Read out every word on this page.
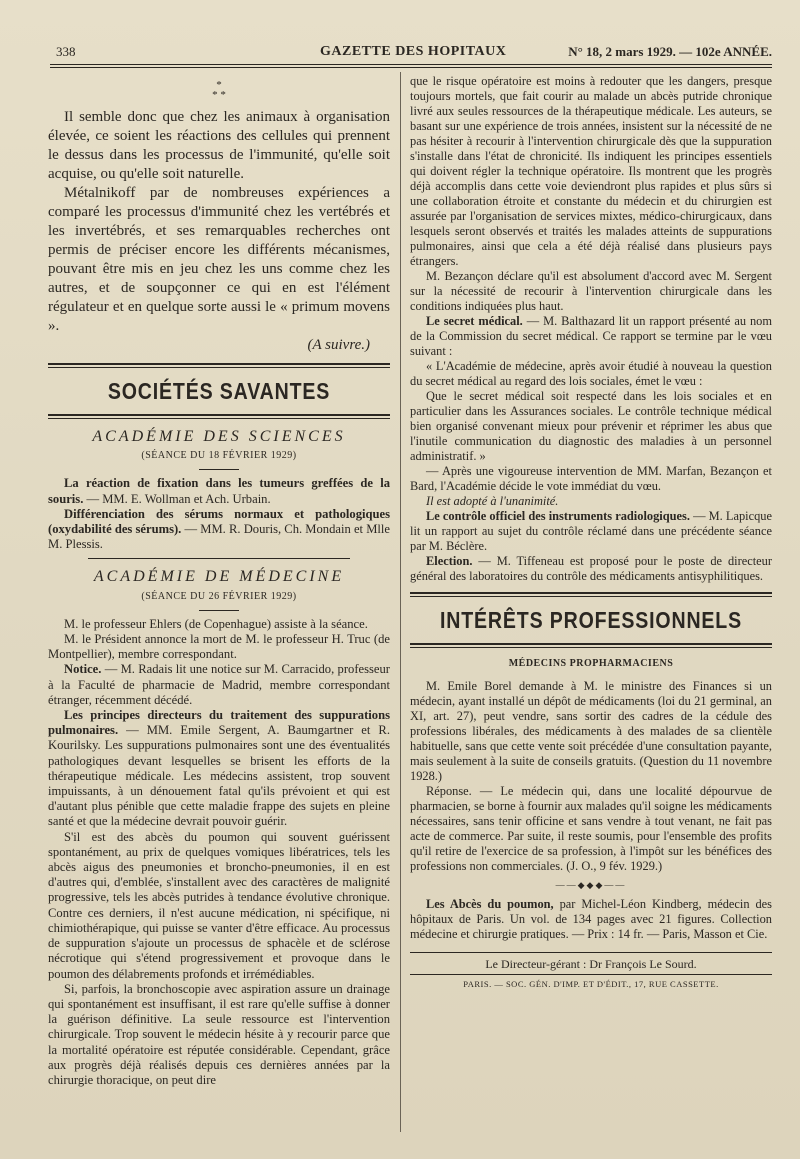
338	GAZETTE DES HOPITAUX	N° 18, 2 mars 1929. — 102e ANNÉE.
*
* *

Il semble donc que chez les animaux à organisation élevée, ce soient les réactions des cellules qui prennent le dessus dans les processus de l'immunité, qu'elle soit acquise, ou qu'elle soit naturelle.

Métalnikoff par de nombreuses expériences a comparé les processus d'immunité chez les vertébrés et les invertébrés, et ses remarquables recherches ont permis de préciser encore les différents mécanismes, pouvant être mis en jeu chez les uns comme chez les autres, et de soupçonner ce qui en est l'élément régulateur et en quelque sorte aussi le « primum movens ».

(A suivre.)

SOCIÉTÉS SAVANTES
ACADÉMIE DES SCIENCES
(SÉANCE DU 18 FÉVRIER 1929)

La réaction de fixation dans les tumeurs greffées de la souris. — MM. E. Wollman et Ach. Urbain.

Différenciation des sérums normaux et pathologiques (oxydabilité des sérums). — MM. R. Douris, Ch. Mondain et Mlle M. Plessis.

ACADÉMIE DE MÉDECINE
(SÉANCE DU 26 FÉVRIER 1929)

M. le professeur Ehlers (de Copenhague) assiste à la séance.

M. le Président annonce la mort de M. le professeur H. Truc (de Montpellier), membre correspondant.

Notice. — M. Radais lit une notice sur M. Carracido, professeur à la Faculté de pharmacie de Madrid, membre correspondant étranger, récemment décédé.

Les principes directeurs du traitement des suppurations pulmonaires. — MM. Emile Sergent, A. Baumgartner et R. Kourilsky. Les suppurations pulmonaires sont une des éventualités pathologiques devant lesquelles se brisent les efforts de la thérapeutique médicale. Les médecins assistent, trop souvent impuissants, à un dénouement fatal qu'ils prévoient et qui est d'autant plus pénible que cette maladie frappe des sujets en pleine santé et que la médecine devrait pouvoir guérir.

S'il est des abcès du poumon qui souvent guérissent spontanément, au prix de quelques vomiques libératrices, tels les abcès aigus des pneumonies et broncho-pneumonies, il en est d'autres qui, d'emblée, s'installent avec des caractères de malignité progressive, tels les abcès putrides à tendance évolutive chronique. Contre ces derniers, il n'est aucune médication, ni spécifique, ni chimiothérapique, qui puisse se vanter d'être efficace. Au processus de suppuration s'ajoute un processus de sphacèle et de sclérose nécrotique qui s'étend progressivement et provoque dans le poumon des délabrements profonds et irrémédiables.

Si, parfois, la bronchoscopie avec aspiration assure un drainage qui spontanément est insuffisant, il est rare qu'elle suffise à donner la guérison définitive. La seule ressource est l'intervention chirurgicale. Trop souvent le médecin hésite à y recourir parce que la mortalité opératoire est réputée considérable. Cependant, grâce aux progrès déjà réalisés depuis ces dernières années par la chirurgie thoracique, on peut dire

que le risque opératoire est moins à redouter que les dangers, presque toujours mortels, que fait courir au malade un abcès putride chronique livré aux seules ressources de la thérapeutique médicale. Les auteurs, se basant sur une expérience de trois années, insistent sur la nécessité de ne pas hésiter à recourir à l'intervention chirurgicale dès que la suppuration s'installe dans l'état de chronicité. Ils indiquent les principes essentiels qui doivent régler la technique opératoire. Ils montrent que les progrès déjà accomplis dans cette voie deviendront plus rapides et plus sûrs si une collaboration étroite et constante du médecin et du chirurgien est assurée par l'organisation de services mixtes, médico-chirurgicaux, dans lesquels seront observés et traités les malades atteints de suppurations pulmonaires, ainsi que cela a été déjà réalisé dans plusieurs pays étrangers.

M. Bezançon déclare qu'il est absolument d'accord avec M. Sergent sur la nécessité de recourir à l'intervention chirurgicale dans les conditions indiquées plus haut.

Le secret médical. — M. Balthazard lit un rapport présenté au nom de la Commission du secret médical. Ce rapport se termine par le vœu suivant :

« L'Académie de médecine, après avoir étudié à nouveau la question du secret médical au regard des lois sociales, émet le vœu :

Que le secret médical soit respecté dans les lois sociales et en particulier dans les Assurances sociales. Le contrôle technique médical bien organisé convenant mieux pour prévenir et réprimer les abus que l'inutile communication du diagnostic des maladies à un personnel administratif. »

— Après une vigoureuse intervention de MM. Marfan, Bezançon et Bard, l'Académie décide le vote immédiat du vœu.

Il est adopté à l'unanimité.

Le contrôle officiel des instruments radiologiques. — M. Lapicque lit un rapport au sujet du contrôle réclamé dans une précédente séance par M. Béclère.

Election. — M. Tiffeneau est proposé pour le poste de directeur général des laboratoires du contrôle des médicaments antisyphilitiques.

INTÉRÊTS PROFESSIONNELS
MÉDECINS PROPHARMACIENS

M. Emile Borel demande à M. le ministre des Finances si un médecin, ayant installé un dépôt de médicaments (loi du 21 germinal, an XI, art. 27), peut vendre, sans sortir des cadres de la cédule des professions libérales, des médicaments à des malades de sa clientèle habituelle, sans que cette vente soit précédée d'une consultation payante, mais seulement à la suite de conseils gratuits. (Question du 11 novembre 1928.)

Réponse. — Le médecin qui, dans une localité dépourvue de pharmacien, se borne à fournir aux malades qu'il soigne les médicaments nécessaires, sans tenir officine et sans vendre à tout venant, ne fait pas acte de commerce. Par suite, il reste soumis, pour l'ensemble des profits qu'il retire de l'exercice de sa profession, à l'impôt sur les bénéfices des professions non commerciales. (J. O., 9 fév. 1929.)

——◆◆◆——

Les Abcès du poumon, par Michel-Léon Kindberg, médecin des hôpitaux de Paris. Un vol. de 134 pages avec 21 figures. Collection médecine et chirurgie pratiques. — Prix : 14 fr. — Paris, Masson et Cie.

Le Directeur-gérant : Dr François Le Sourd.
PARIS. — SOC. GÉN. D'IMP. ET D'ÉDIT., 17, RUE CASSETTE.
